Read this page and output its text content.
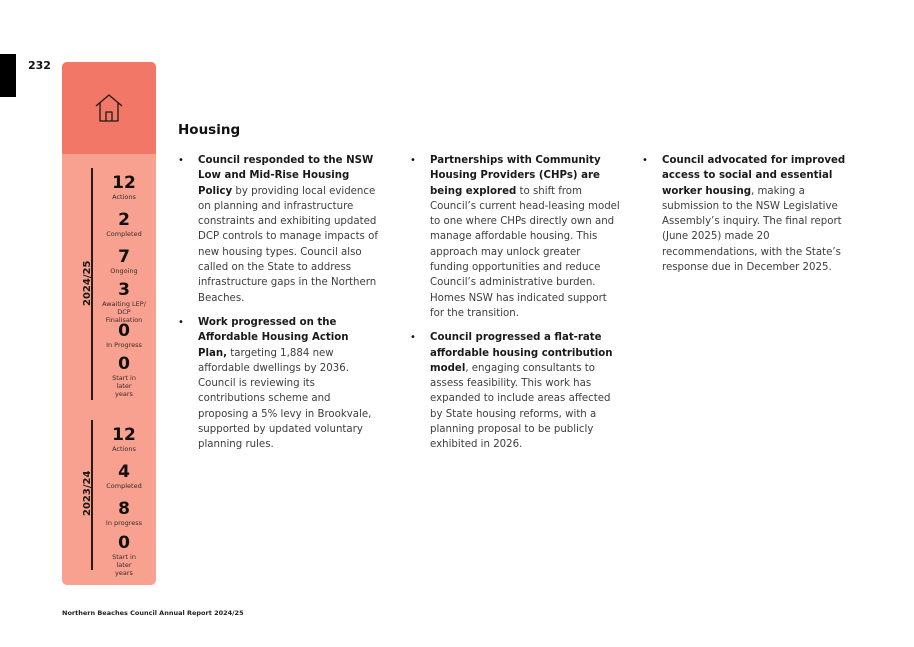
232
2024/25
12
Actions
2
Completed
7
Ongoing
3
Awaiting LEP/ DCP Finalisation
0
In Progress
0
Start in later years
2023/24
12
Actions
4
Completed
8
In progress
0
Start in later years
Housing
• Council responded to the NSW Low and Mid-Rise Housing Policy by providing local evidence on planning and infrastructure constraints and exhibiting updated DCP controls to manage impacts of new housing types. Council also called on the State to address infrastructure gaps in the Northern Beaches.
• Work progressed on the Affordable Housing Action Plan, targeting 1,884 new affordable dwellings by 2036. Council is reviewing its contributions scheme and proposing a 5% levy in Brookvale, supported by updated voluntary planning rules.
• Partnerships with Community Housing Providers (CHPs) are being explored to shift from Council’s current head-leasing model to one where CHPs directly own and manage affordable housing. This approach may unlock greater funding opportunities and reduce Council’s administrative burden. Homes NSW has indicated support for the transition.
• Council progressed a flat-rate affordable housing contribution model, engaging consultants to assess feasibility. This work has expanded to include areas affected by State housing reforms, with a planning proposal to be publicly exhibited in 2026.
• Council advocated for improved access to social and essential worker housing, making a submission to the NSW Legislative Assembly’s inquiry. The final report (June 2025) made 20 recommendations, with the State’s response due in December 2025.
Northern Beaches Council Annual Report 2024/25
